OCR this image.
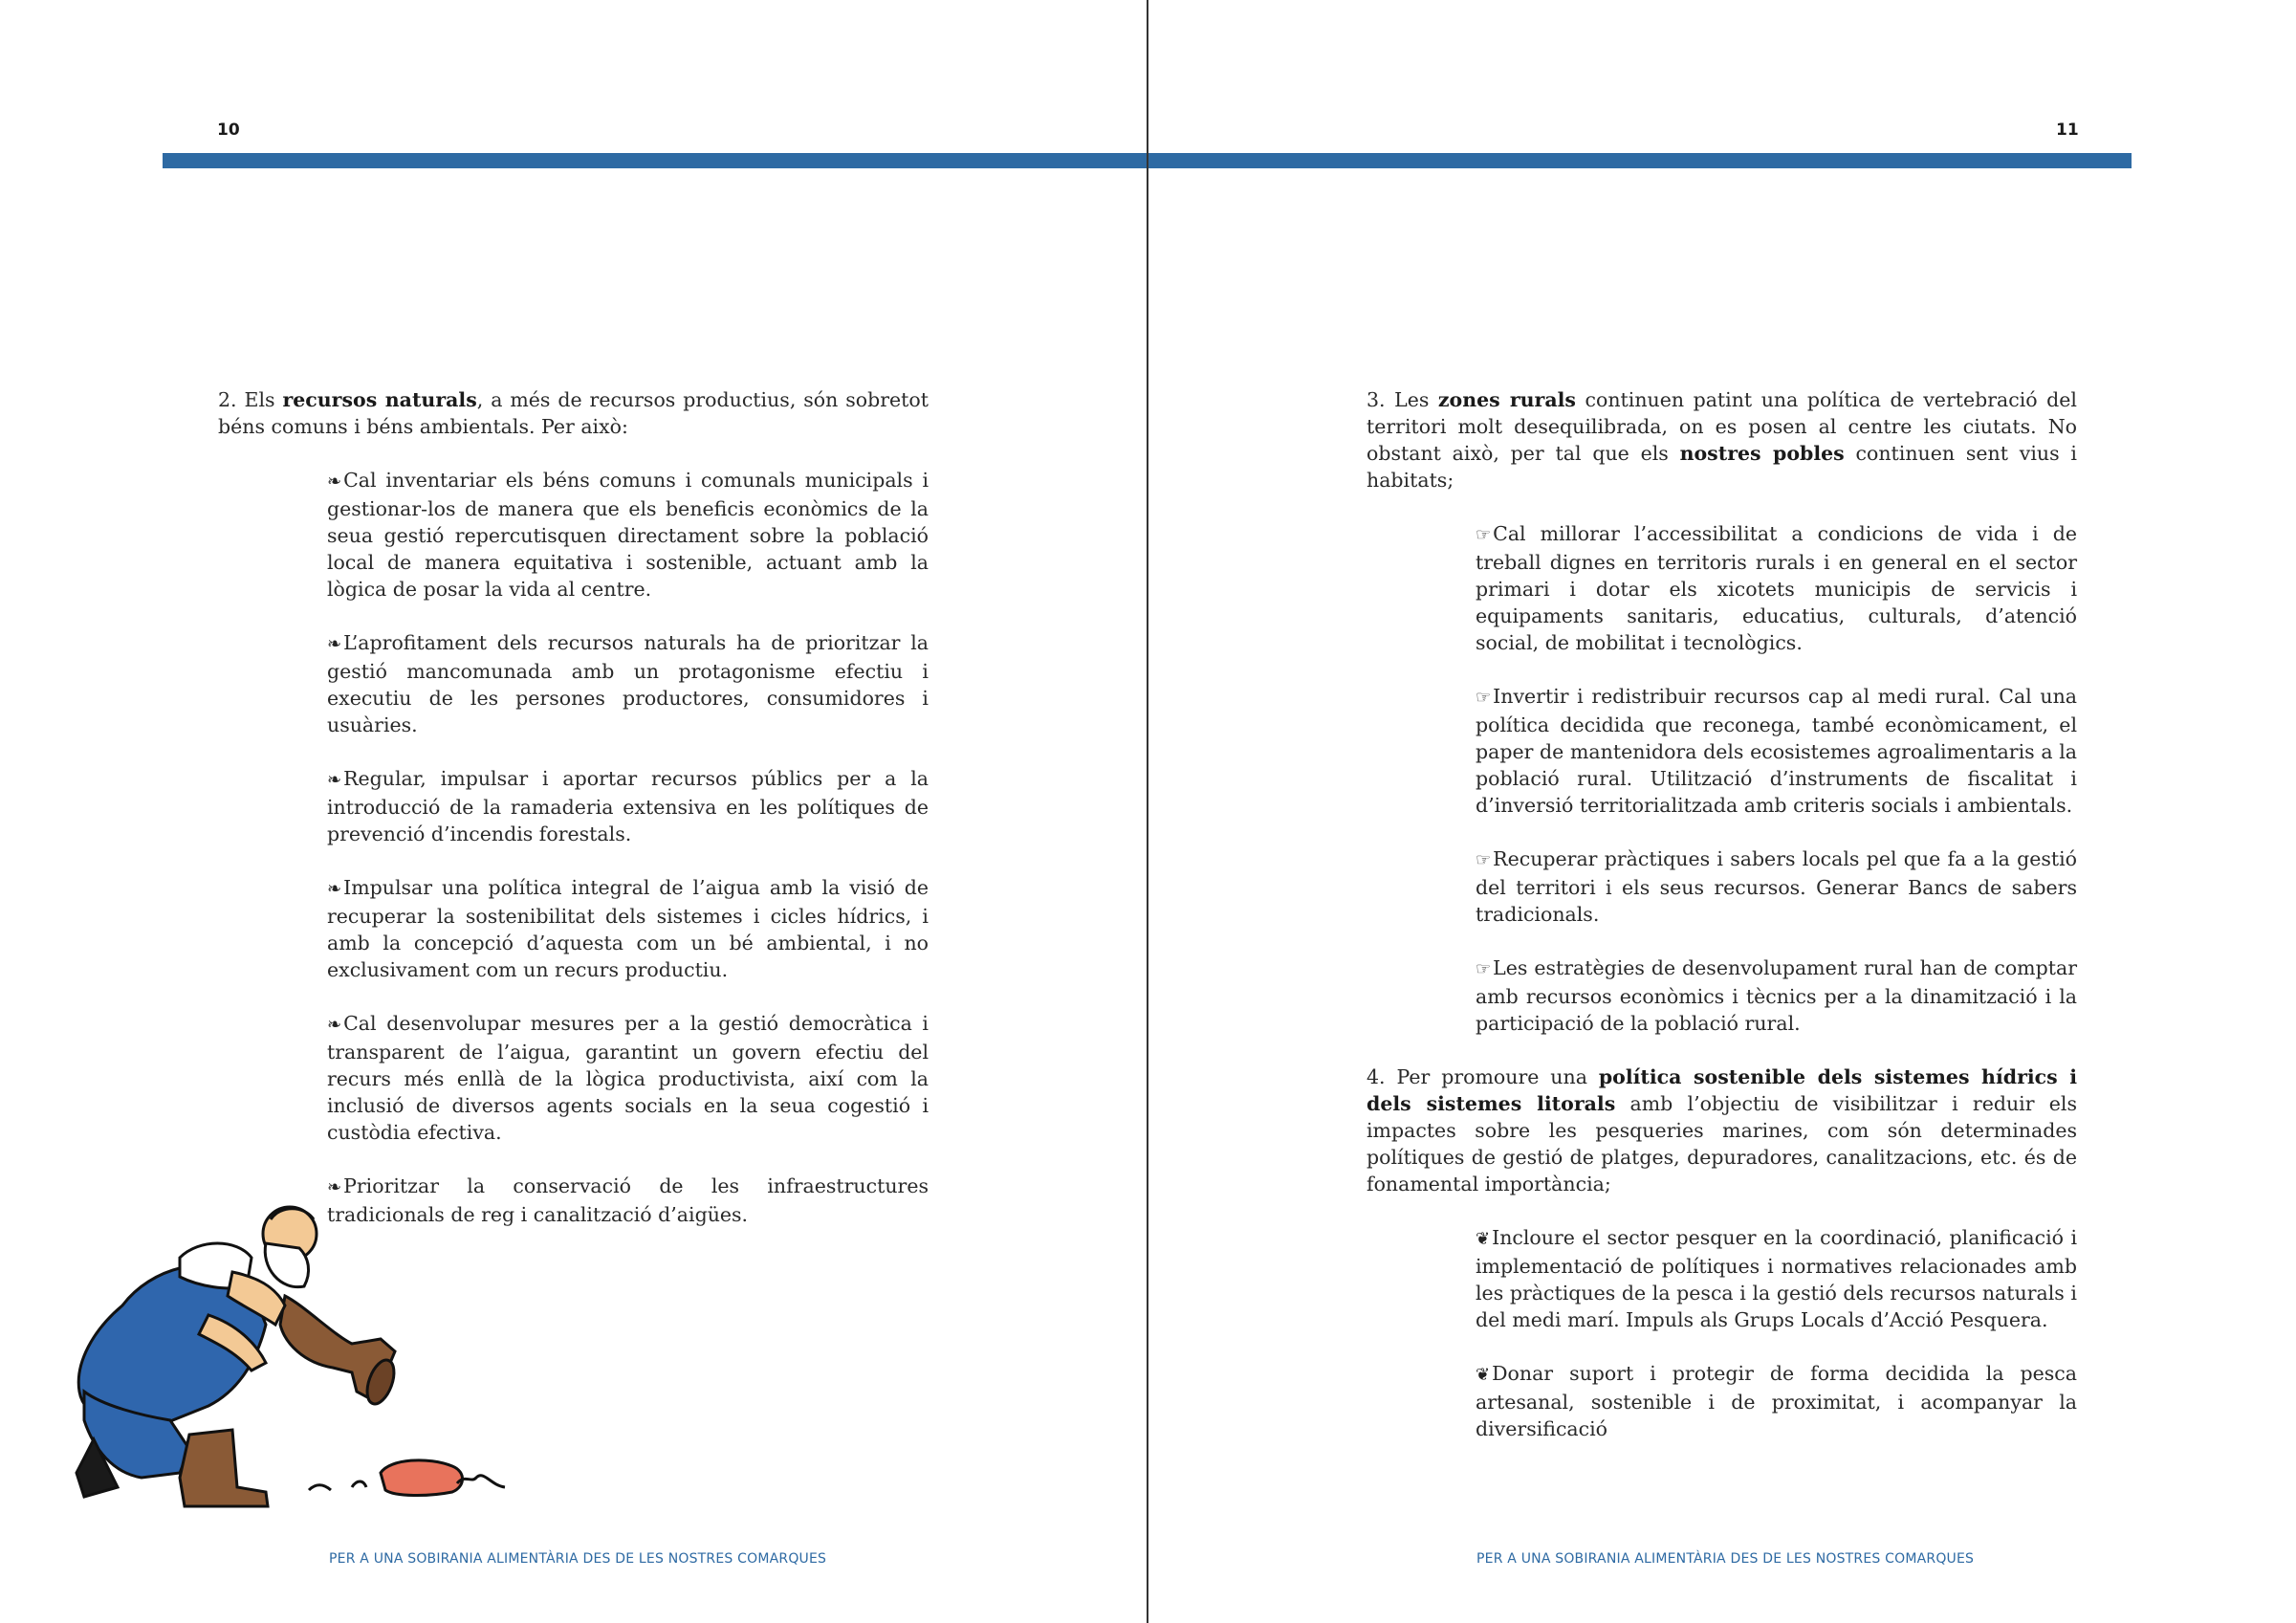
10	11

2. Els recursos naturals, a més de recursos productius, són sobretot béns comuns i béns ambientals. Per això:

❧Cal inventariar els béns comuns i comunals municipals i gestionar-los de manera que els beneficis econòmics de la seua gestió repercutisquen directament sobre la població local de manera equitativa i sostenible, actuant amb la lògica de posar la vida al centre.

❧L’aprofitament dels recursos naturals ha de prioritzar la gestió mancomunada amb un protagonisme efectiu i executiu de les persones productores, consumidores i usuàries.

❧Regular, impulsar i aportar recursos públics per a la introducció de la ramaderia extensiva en les polítiques de prevenció d’incendis forestals.

❧Impulsar una política integral de l’aigua amb la visió de recuperar la sostenibilitat dels sistemes i cicles hídrics, i amb la concepció d’aquesta com un bé ambiental, i no exclusivament com un recurs productiu.

❧Cal desenvolupar mesures per a la gestió democràtica i transparent de l’aigua, garantint un govern efectiu del recurs més enllà de la lògica productivista, així com la inclusió de diversos agents socials en la seua cogestió i custòdia efectiva.

❧Prioritzar la conservació de les infraestructures tradicionals de reg i canalització d’aigües.

3. Les zones rurals continuen patint una política de vertebració del territori molt desequilibrada, on es posen al centre les ciutats. No obstant això, per tal que els nostres pobles continuen sent vius i habitats;

☞Cal millorar l’accessibilitat a condicions de vida i de treball dignes en territoris rurals i en general en el sector primari i dotar els xicotets municipis de servicis i equipaments sanitaris, educatius, culturals, d’atenció social, de mobilitat i tecnològics.

☞Invertir i redistribuir recursos cap al medi rural. Cal una política decidida que reconega, també econòmicament, el paper de mantenidora dels ecosistemes agroalimentaris a la població rural. Utilització d’instruments de fiscalitat i d’inversió territorialitzada amb criteris socials i ambientals.

☞Recuperar pràctiques i sabers locals pel que fa a la gestió del territori i els seus recursos. Generar Bancs de sabers tradicionals.

☞Les estratègies de desenvolupament rural han de comptar amb recursos econòmics i tècnics per a la dinamització i la participació de la població rural.

4. Per promoure una política sostenible dels sistemes hídrics i dels sistemes litorals amb l’objectiu de visibilitzar i reduir els impactes sobre les pesqueries marines, com són determinades polítiques de gestió de platges, depuradores, canalitzacions, etc. és de fonamental importància;

❦Incloure el sector pesquer en la coordinació, planificació i implementació de polítiques i normatives relacionades amb les pràctiques de la pesca i la gestió dels recursos naturals i del medi marí. Impuls als Grups Locals d’Acció Pesquera.

❦Donar suport i protegir de forma decidida la pesca artesanal, sostenible i de proximitat, i acompanyar la diversificació

PER A UNA SOBIRANIA ALIMENTÀRIA DES DE LES NOSTRES COMARQUES	PER A UNA SOBIRANIA ALIMENTÀRIA DES DE LES NOSTRES COMARQUES
